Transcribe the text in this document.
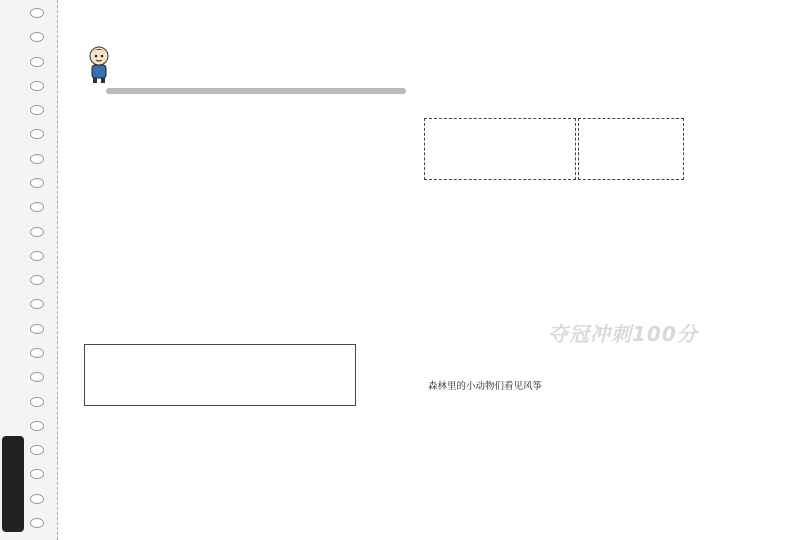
夺冠冲刺100分
森林里的小动物们看见风筝　
